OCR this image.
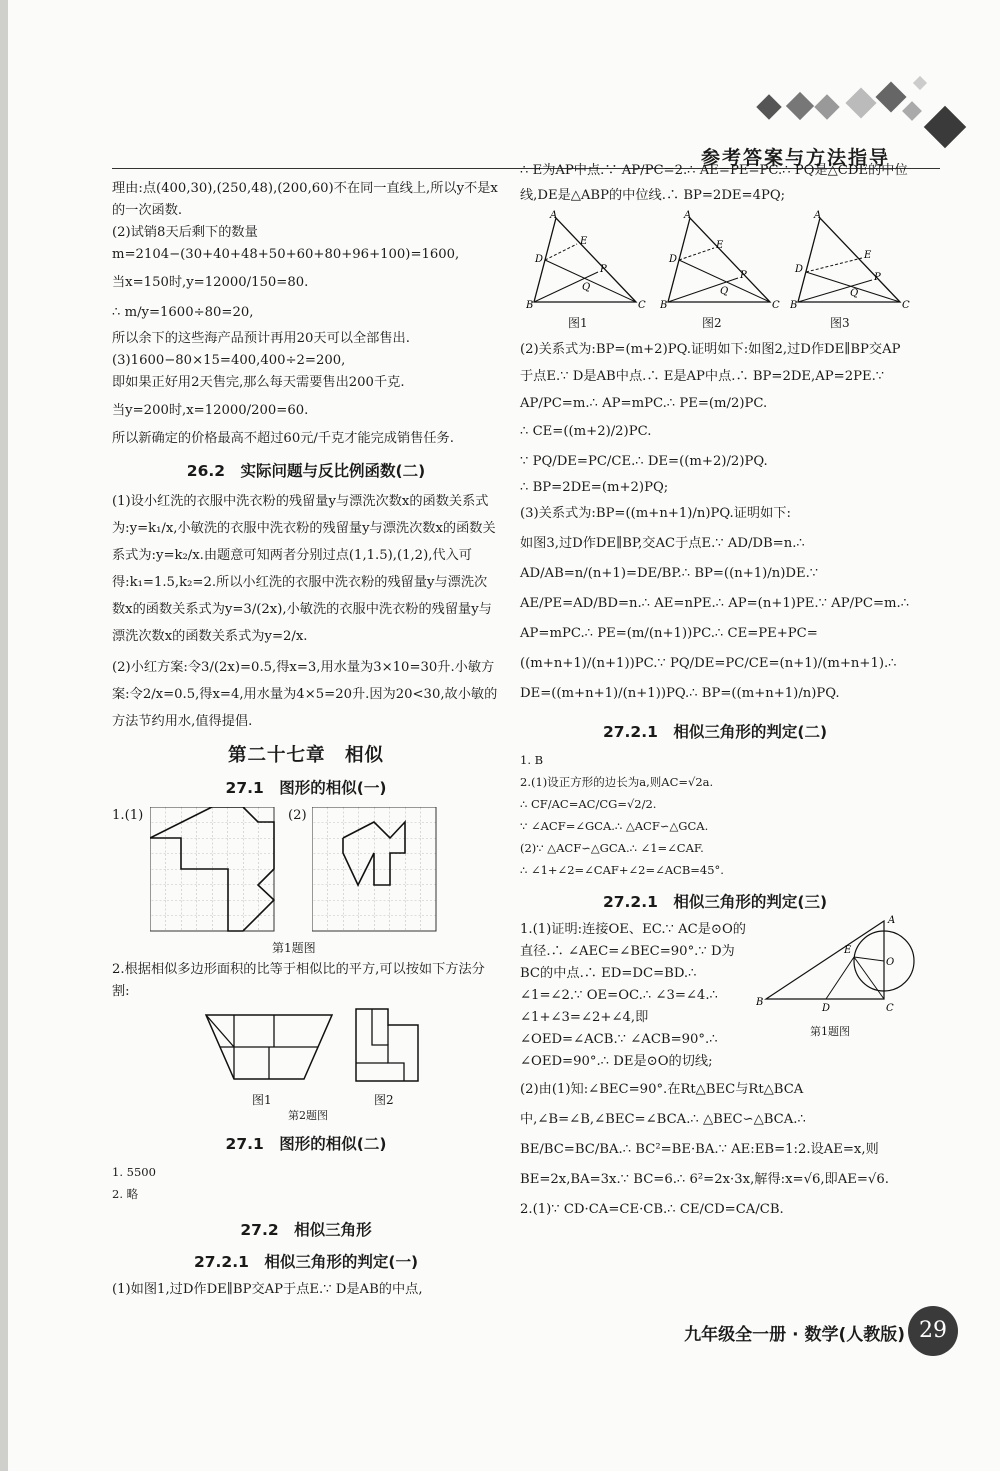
参考答案与方法指导

理由:点(400,30),(250,48),(200,60)不在同一直线上,所以y不是x的一次函数.

(2)试销8天后剩下的数量m=2104−(30+40+48+50+60+80+96+100)=1600,

当x=150时,y=12000/150=80.

∴ m/y=1600÷80=20,

所以余下的这些海产品预计再用20天可以全部售出.

(3)1600−80×15=400,400÷2=200,

即如果正好用2天售完,那么每天需要售出200千克.

当y=200时,x=12000/200=60.

所以新确定的价格最高不超过60元/千克才能完成销售任务.

26.2　实际问题与反比例函数(二)

(1)设小红洗的衣服中洗衣粉的残留量y与漂洗次数x的函数关系式为:y=k₁/x,小敏洗的衣服中洗衣粉的残留量y与漂洗次数x的函数关系式为:y=k₂/x.由题意可知两者分别过点(1,1.5),(1,2),代入可得:k₁=1.5,k₂=2.所以小红洗的衣服中洗衣粉的残留量y与漂洗次数x的函数关系式为y=3/(2x),小敏洗的衣服中洗衣粉的残留量y与漂洗次数x的函数关系式为y=2/x.

(2)小红方案:令3/(2x)=0.5,得x=3,用水量为3×10=30升.小敏方案:令2/x=0.5,得x=4,用水量为4×5=20升.因为20<30,故小敏的方法节约用水,值得提倡.

第二十七章　相似
27.1　图形的相似(一)
1.(1)	(2)
第1题图

2.根据相似多边形面积的比等于相似比的平方,可以按如下方法分割:

图1	图2
第2题图
27.1　图形的相似(二)

1. 5500

2. 略

27.2　相似三角形
27.2.1　相似三角形的判定(一)

(1)如图1,过D作DE∥BP交AP于点E.∵ D是AB的中点,

∴ E为AP中点.∵ AP/PC=2.∴ AE=PE=PC.∴ PQ是△CDE的中位线,DE是△ABP的中位线.∴ BP=2DE=4PQ;

A
B	C
D
E
P
Q
图1
A
B	C
D
E
P
Q
图2
A
B	C
D
E
P
Q
图3

(2)关系式为:BP=(m+2)PQ.证明如下:如图2,过D作DE∥BP交AP于点E.∵ D是AB中点.∴ E是AP中点.∴ BP=2DE,AP=2PE.∵ AP/PC=m.∴ AP=mPC.∴ PE=(m/2)PC.

∴ CE=((m+2)/2)PC.

∵ PQ/DE=PC/CE.∴ DE=((m+2)/2)PQ.

∴ BP=2DE=(m+2)PQ;

(3)关系式为:BP=((m+n+1)/n)PQ.证明如下:

如图3,过D作DE∥BP,交AC于点E.∵ AD/DB=n.∴ AD/AB=n/(n+1)=DE/BP.∴ BP=((n+1)/n)DE.∵ AE/PE=AD/BD=n.∴ AE=nPE.∴ AP=(n+1)PE.∵ AP/PC=m.∴ AP=mPC.∴ PE=(m/(n+1))PC.∴ CE=PE+PC=((m+n+1)/(n+1))PC.∵ PQ/DE=PC/CE=(n+1)/(m+n+1).∴ DE=((m+n+1)/(n+1))PQ.∴ BP=((m+n+1)/n)PQ.

27.2.1　相似三角形的判定(二)

1. B

2.(1)设正方形的边长为a,则AC=√2a.

∴ CF/AC=AC/CG=√2/2.

∵ ∠ACF=∠GCA.∴ △ACF∽△GCA.

(2)∵ △ACF∽△GCA.∴ ∠1=∠CAF.

∴ ∠1+∠2=∠CAF+∠2=∠ACB=45°.

27.2.1　相似三角形的判定(三)

1.(1)证明:连接OE、EC.∵ AC是⊙O的直径.∴ ∠AEC=∠BEC=90°.∵ D为BC的中点.∴ ED=DC=BD.∴ ∠1=∠2.∵ OE=OC.∴ ∠3=∠4.∴ ∠1+∠3=∠2+∠4,即∠OED=∠ACB.∵ ∠ACB=90°.∴ ∠OED=90°.∴ DE是⊙O的切线;

A
B
C
D
E
O
第1题图

(2)由(1)知:∠BEC=90°.在Rt△BEC与Rt△BCA中,∠B=∠B,∠BEC=∠BCA.∴ △BEC∽△BCA.∴ BE/BC=BC/BA.∴ BC²=BE·BA.∵ AE:EB=1:2.设AE=x,则BE=2x,BA=3x.∵ BC=6.∴ 6²=2x·3x,解得:x=√6,即AE=√6.

2.(1)∵ CD·CA=CE·CB.∴ CE/CD=CA/CB.

九年级全一册 · 数学(人教版) 29
